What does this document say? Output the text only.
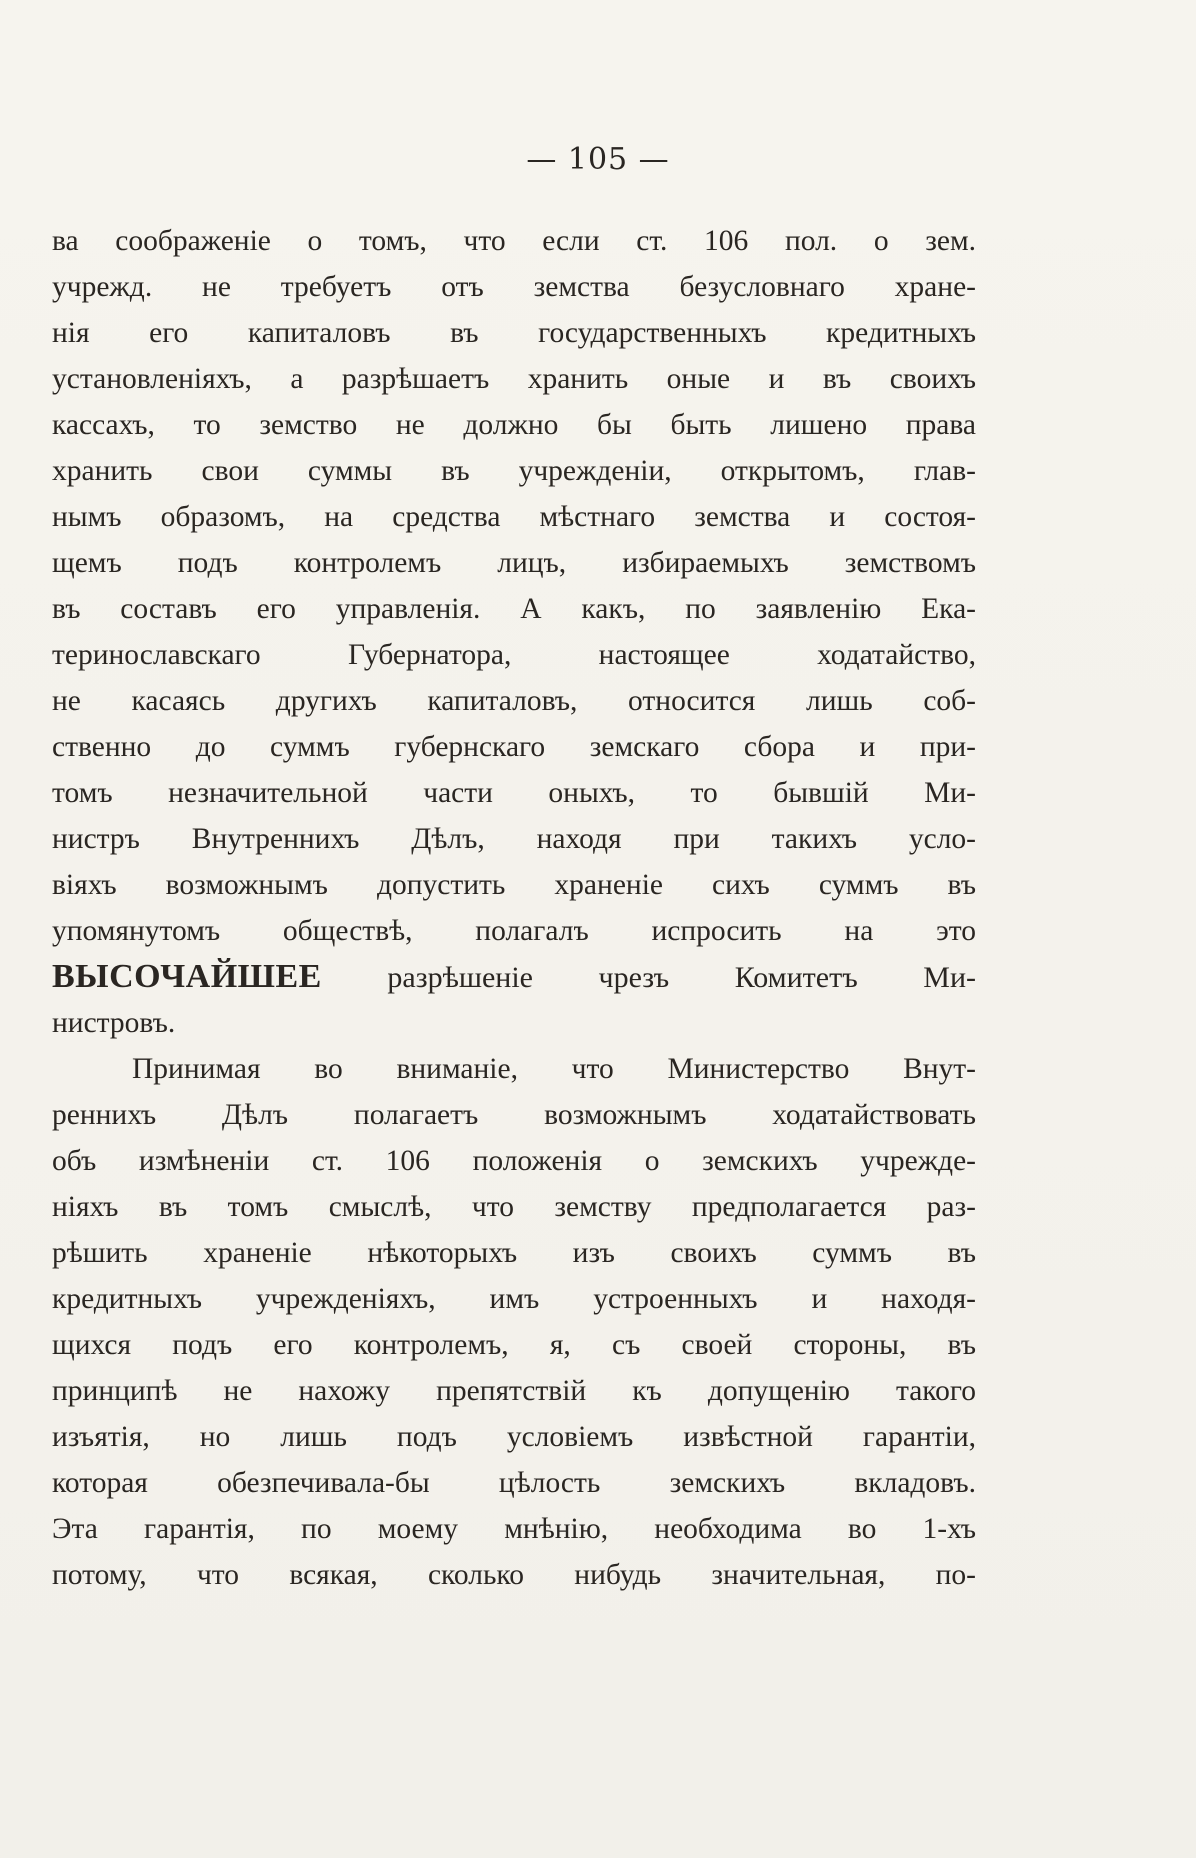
— 105 —
ва соображеніе о томъ, что если ст. 106 пол. о зем.
учрежд. не требуетъ отъ земства безусловнаго хране-
нія его капиталовъ въ государственныхъ кредитныхъ
установленіяхъ, а разрѣшаетъ хранить оные и въ своихъ
кассахъ, то земство не должно бы быть лишено права
хранить свои суммы въ учрежденіи, открытомъ, глав-
нымъ образомъ, на средства мѣстнаго земства и состоя-
щемъ подъ контролемъ лицъ, избираемыхъ земствомъ
въ составъ его управленія. А какъ, по заявленію Ека-
теринославскаго Губернатора, настоящее ходатайство,
не касаясь другихъ капиталовъ, относится лишь соб-
ственно до суммъ губернскаго земскаго сбора и при-
томъ незначительной части оныхъ, то бывшій Ми-
нистръ Внутреннихъ Дѣлъ, находя при такихъ усло-
віяхъ возможнымъ допустить храненіе сихъ суммъ въ
упомянутомъ обществѣ, полагалъ испросить на это
ВЫСОЧАЙШЕЕ разрѣшеніе чрезъ Комитетъ Ми-
нистровъ.
Принимая во вниманіе, что Министерство Внут-
реннихъ Дѣлъ полагаетъ возможнымъ ходатайствовать
объ измѣненіи ст. 106 положенія о земскихъ учрежде-
ніяхъ въ томъ смыслѣ, что земству предполагается раз-
рѣшить храненіе нѣкоторыхъ изъ своихъ суммъ въ
кредитныхъ учрежденіяхъ, имъ устроенныхъ и находя-
щихся подъ его контролемъ, я, съ своей стороны, въ
принципѣ не нахожу препятствій къ допущенію такого
изъятія, но лишь подъ условіемъ извѣстной гарантіи,
которая обезпечивала-бы цѣлость земскихъ вкладовъ.
Эта гарантія, по моему мнѣнію, необходима во 1-хъ
потому, что всякая, сколько нибудь значительная, по-
